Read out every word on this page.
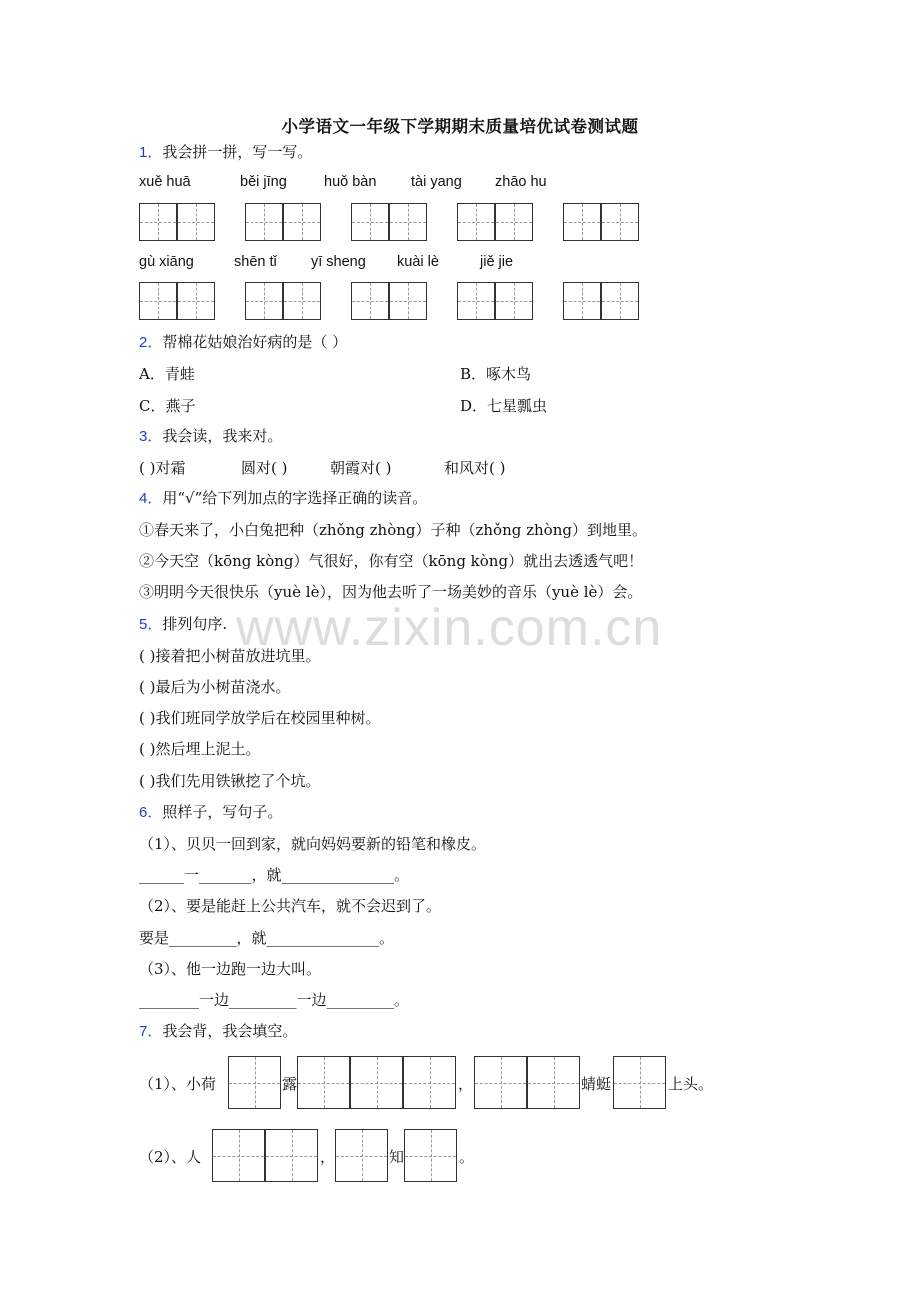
小学语文一年级下学期期末质量培优试卷测试题
www.zixin.com.cn
1．我会拼一拼，写一写。
xuě huā	běi jīng	huǒ bàn tài yang zhāo hu
gù xiāng	shēn tǐ yī sheng kuài lè	jiě jie
2．帮棉花姑娘治好病的是（ ）
A．青蛙	B．啄木鸟
C．燕子	D．七星瓢虫
3．我会读，我来对。
( )对霜	圆对( )	朝霞对( )	和风对( )
4．用“√”给下列加点的字选择正确的读音。
①春天来了，小白兔把种（zhǒng zhòng）子种（zhǒng zhòng）到地里。
②今天空（kōng kòng）气很好，你有空（kōng kòng）就出去透透气吧！
③明明今天很快乐（yuè lè），因为他去听了一场美妙的音乐（yuè lè）会。
5．排列句序.
( )接着把小树苗放进坑里。
( )最后为小树苗浇水。
( )我们班同学放学后在校园里种树。
( )然后埋上泥土。
( )我们先用铁锹挖了个坑。
6．照样子，写句子。
（1）、贝贝一回到家，就向妈妈要新的铅笔和橡皮。
______一_______，就_______________。
（2）、要是能赶上公共汽车，就不会迟到了。
要是_________，就_______________。
（3）、他一边跑一边大叫。
________一边_________一边_________。
7．我会背，我会填空。
（1）、小荷	露	，	蜻蜓	上头。
（2）、人	，	知	。
